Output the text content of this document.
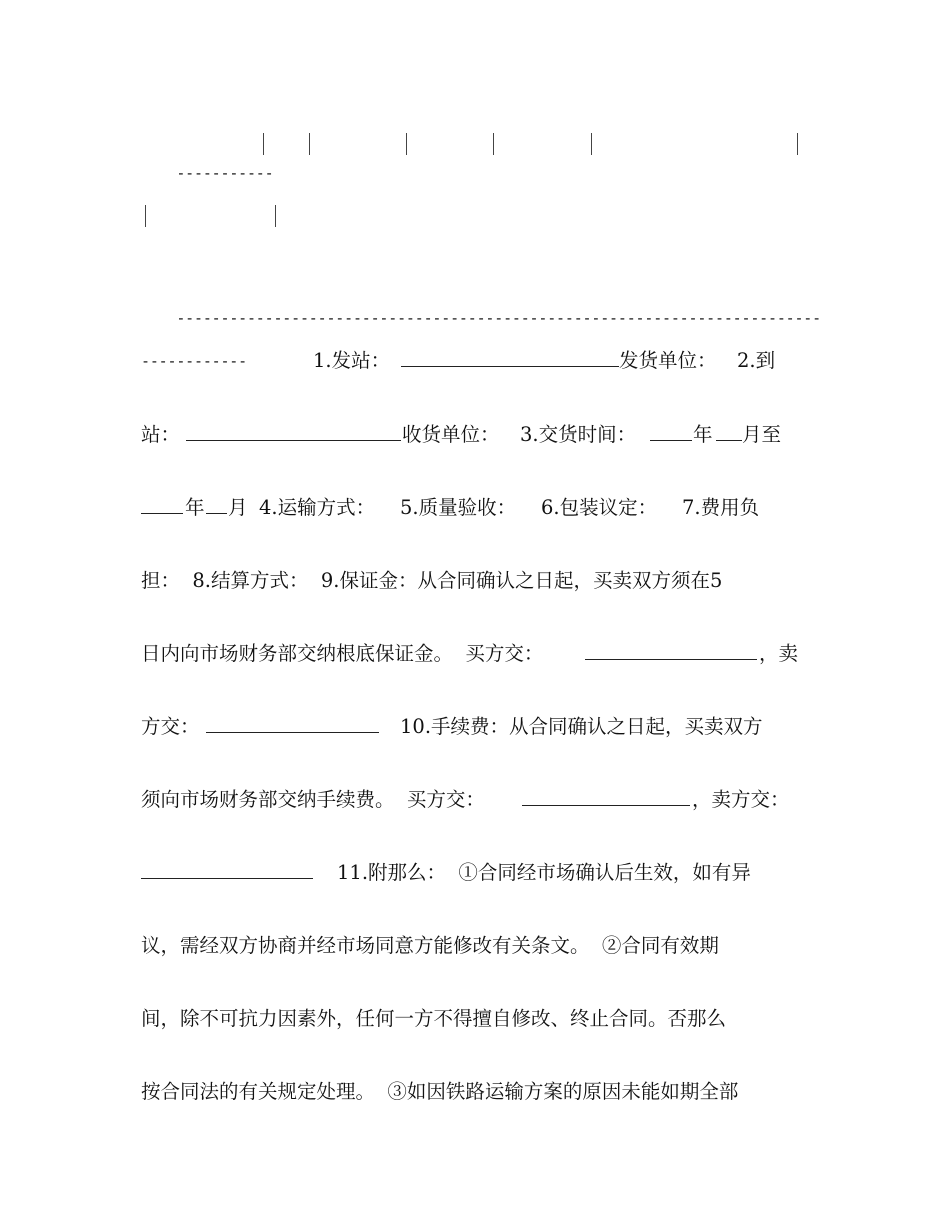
-----------

-------------------------------------------------------------------------

------------

	1.发站：

	发货单位：

2.到

站：

	收货单位：

3.交货时间：

	年

月至

年

月

4.运输方式：

5.质量验收：

6.包装议定：

7.费用负

担：  8.结算方式：  9.保证金：从合同确认之日起，买卖双方须在5

日内向市场财务部交纳根底保证金。  买方交：

	，卖

方交：

	10.手续费：从合同确认之日起，买卖双方

须向市场财务部交纳手续费。  买方交：

	，卖方交：

11.附那么：  ①合同经市场确认后生效，如有异

议，需经双方协商并经市场同意方能修改有关条文。  ②合同有效期
间，除不可抗力因素外，任何一方不得擅自修改、终止合同。否那么
按合同法的有关规定处理。  ③如因铁路运输方案的原因未能如期全部
